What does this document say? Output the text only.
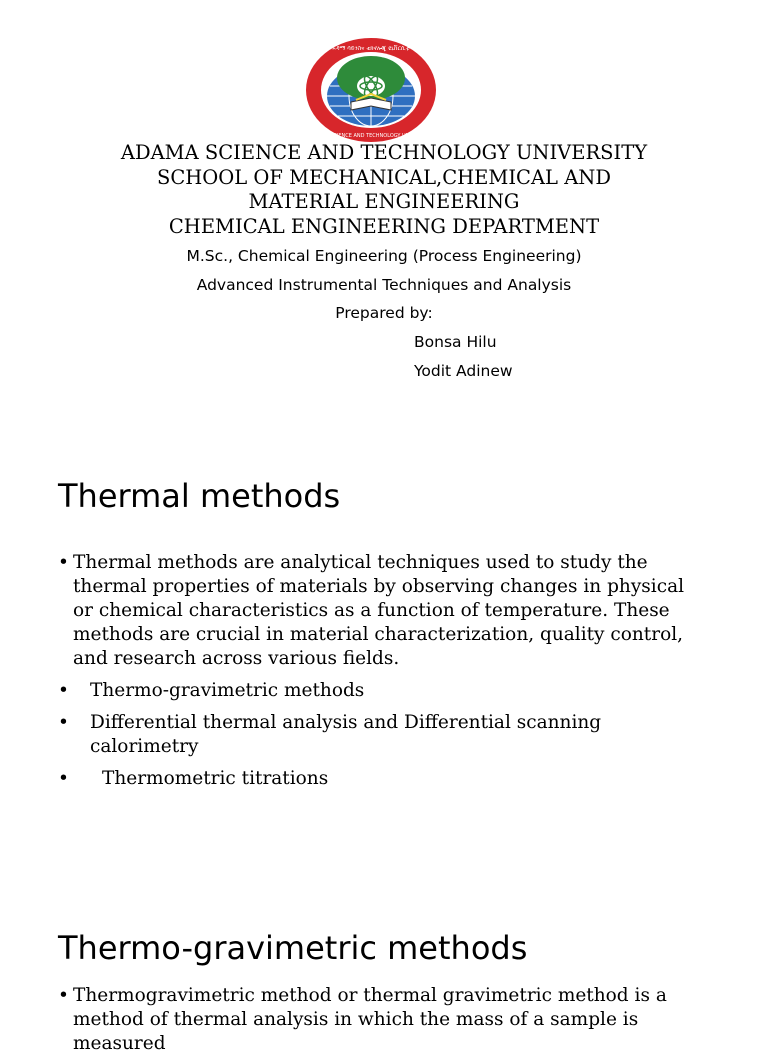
ኣዳማ ሳይንስና ቴክኖሎጂ ዩኒቨርሲቲ
ADAMA SCIENCE AND TECHNOLOGY UNIVERSITY
ADAMA SCIENCE AND TECHNOLOGY UNIVERSITY
SCHOOL OF MECHANICAL,CHEMICAL AND
MATERIAL ENGINEERING
CHEMICAL ENGINEERING DEPARTMENT
M.Sc., Chemical Engineering (Process Engineering)
Advanced Instrumental Techniques and Analysis
Prepared by:
Bonsa Hilu
Yodit Adinew
Thermal methods
• Thermal methods are analytical techniques used to study the thermal properties of materials by observing changes in physical or chemical characteristics as a function of temperature. These methods are crucial in material characterization, quality control, and research across various fields.
• Thermo-gravimetric methods
• Differential thermal analysis and Differential scanning calorimetry
• Thermometric titrations
Thermo-gravimetric methods
• Thermogravimetric method or thermal gravimetric method is a method of thermal analysis in which the mass of a sample is measured
